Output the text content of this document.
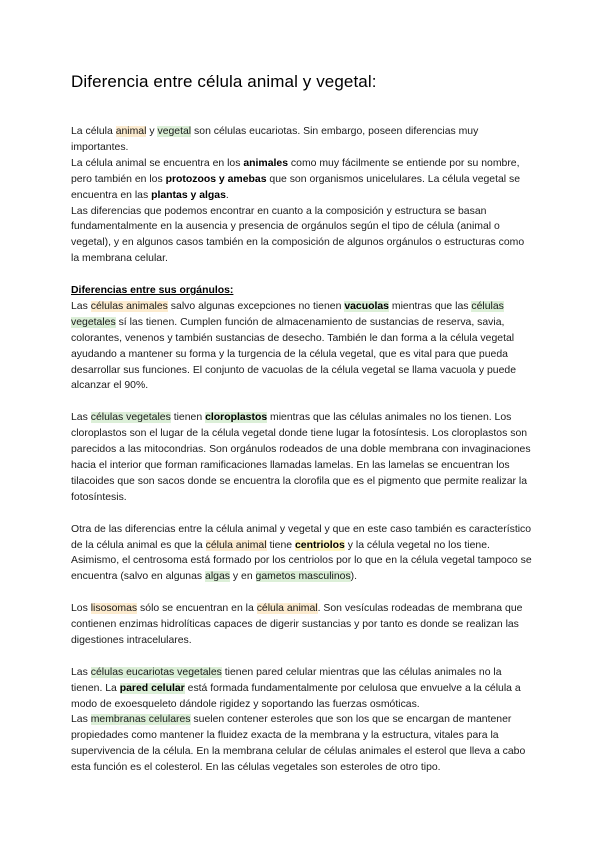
Diferencia entre célula animal y vegetal:

La célula animal y vegetal son células eucariotas. Sin embargo, poseen diferencias muy importantes.

La célula animal se encuentra en los animales como muy fácilmente se entiende por su nombre, pero también en los protozoos y amebas que son organismos unicelulares. La célula vegetal se encuentra en las plantas y algas.

Las diferencias que podemos encontrar en cuanto a la composición y estructura se basan fundamentalmente en la ausencia y presencia de orgánulos según el tipo de célula (animal o vegetal), y en algunos casos también en la composición de algunos orgánulos o estructuras como la membrana celular.

Diferencias entre sus orgánulos:

Las células animales salvo algunas excepciones no tienen vacuolas mientras que las células vegetales sí las tienen. Cumplen función de almacenamiento de sustancias de reserva, savia, colorantes, venenos y también sustancias de desecho. También le dan forma a la célula vegetal ayudando a mantener su forma y la turgencia de la célula vegetal, que es vital para que pueda desarrollar sus funciones. El conjunto de vacuolas de la célula vegetal se llama vacuola y puede alcanzar el 90%.

Las células vegetales tienen cloroplastos mientras que las células animales no los tienen. Los cloroplastos son el lugar de la célula vegetal donde tiene lugar la fotosíntesis. Los cloroplastos son parecidos a las mitocondrias. Son orgánulos rodeados de una doble membrana con invaginaciones hacia el interior que forman ramificaciones llamadas lamelas. En las lamelas se encuentran los tilacoides que son sacos donde se encuentra la clorofila que es el pigmento que permite realizar la fotosíntesis.

Otra de las diferencias entre la célula animal y vegetal y que en este caso también es característico de la célula animal es que la célula animal tiene centriolos y la célula vegetal no los tiene. Asimismo, el centrosoma está formado por los centriolos por lo que en la célula vegetal tampoco se encuentra (salvo en algunas algas y en gametos masculinos).

Los lisosomas sólo se encuentran en la célula animal. Son vesículas rodeadas de membrana que contienen enzimas hidrolíticas capaces de digerir sustancias y por tanto es donde se realizan las digestiones intracelulares.

Las células eucariotas vegetales tienen pared celular mientras que las células animales no la tienen. La pared celular está formada fundamentalmente por celulosa que envuelve a la célula a modo de exoesqueleto dándole rigidez y soportando las fuerzas osmóticas.

Las membranas celulares suelen contener esteroles que son los que se encargan de mantener propiedades como mantener la fluidez exacta de la membrana y la estructura, vitales para la supervivencia de la célula. En la membrana celular de células animales el esterol que lleva a cabo esta función es el colesterol. En las células vegetales son esteroles de otro tipo.
